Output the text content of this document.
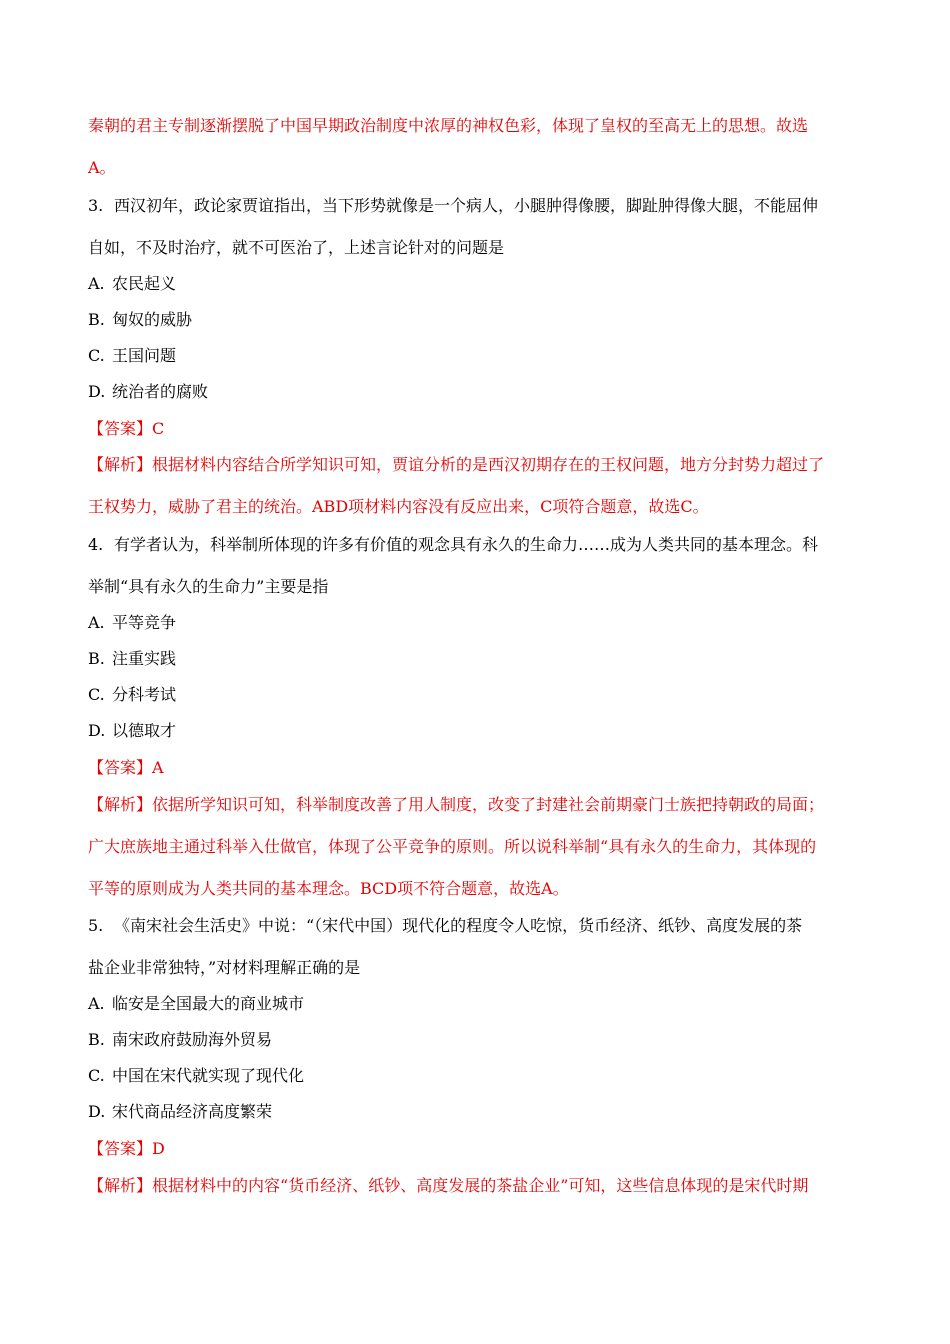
秦朝的君主专制逐渐摆脱了中国早期政治制度中浓厚的神权色彩，体现了皇权的至高无上的思想。故选
A。
3. 西汉初年，政论家贾谊指出，当下形势就像是一个病人，小腿肿得像腰，脚趾肿得像大腿，不能屈伸
自如，不及时治疗，就不可医治了，上述言论针对的问题是
A. 农民起义
B. 匈奴的威胁
C. 王国问题
D. 统治者的腐败
【答案】C
【解析】根据材料内容结合所学知识可知，贾谊分析的是西汉初期存在的王权问题，地方分封势力超过了
王权势力，威胁了君主的统治。ABD项材料内容没有反应出来，C项符合题意，故选C。
4. 有学者认为，科举制所体现的许多有价值的观念具有永久的生命力……成为人类共同的基本理念。科
举制“具有永久的生命力”主要是指
A. 平等竞争
B. 注重实践
C. 分科考试
D. 以德取才
【答案】A
【解析】依据所学知识可知，科举制度改善了用人制度，改变了封建社会前期豪门士族把持朝政的局面；
广大庶族地主通过科举入仕做官，体现了公平竞争的原则。所以说科举制“具有永久的生命力，其体现的
平等的原则成为人类共同的基本理念。BCD项不符合题意，故选A。
5. 《南宋社会生活史》中说：“（宋代中国）现代化的程度令人吃惊，货币经济、纸钞、高度发展的茶
盐企业非常独特，”对材料理解正确的是
A. 临安是全国最大的商业城市
B. 南宋政府鼓励海外贸易
C. 中国在宋代就实现了现代化
D. 宋代商品经济高度繁荣
【答案】D
【解析】根据材料中的内容“货币经济、纸钞、高度发展的茶盐企业”可知，这些信息体现的是宋代时期
